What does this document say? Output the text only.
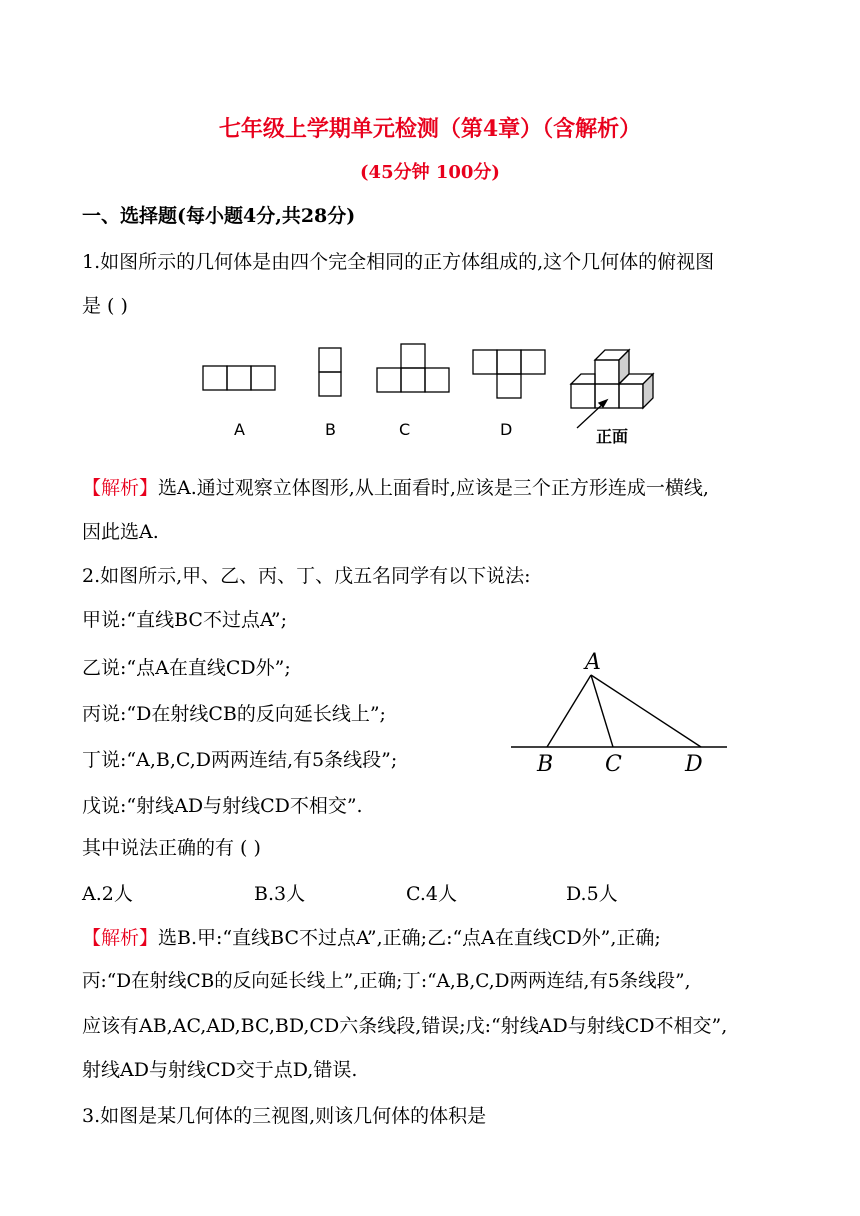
七年级上学期单元检测（第4章）（含解析）
(45分钟 100分)
一、选择题(每小题4分,共28分)
1.如图所示的几何体是由四个完全相同的正方体组成的,这个几何体的俯视图
是 ( )
A	B	C	D	正面
【解析】选A.通过观察立体图形,从上面看时,应该是三个正方形连成一横线,
因此选A.
2.如图所示,甲、乙、丙、丁、戊五名同学有以下说法:
甲说:“直线BC不过点A”;
乙说:“点A在直线CD外”;
丙说:“D在射线CB的反向延长线上”;
丁说:“A,B,C,D两两连结,有5条线段”;
戊说:“射线AD与射线CD不相交”.
A
B C	D
其中说法正确的有 ( )
A.2人	B.3人	C.4人	D.5人
【解析】选B.甲:“直线BC不过点A”,正确;乙:“点A在直线CD外”,正确;
丙:“D在射线CB的反向延长线上”,正确;丁:“A,B,C,D两两连结,有5条线段”,
应该有AB,AC,AD,BC,BD,CD六条线段,错误;戊:“射线AD与射线CD不相交”,
射线AD与射线CD交于点D,错误.
3.如图是某几何体的三视图,则该几何体的体积是
